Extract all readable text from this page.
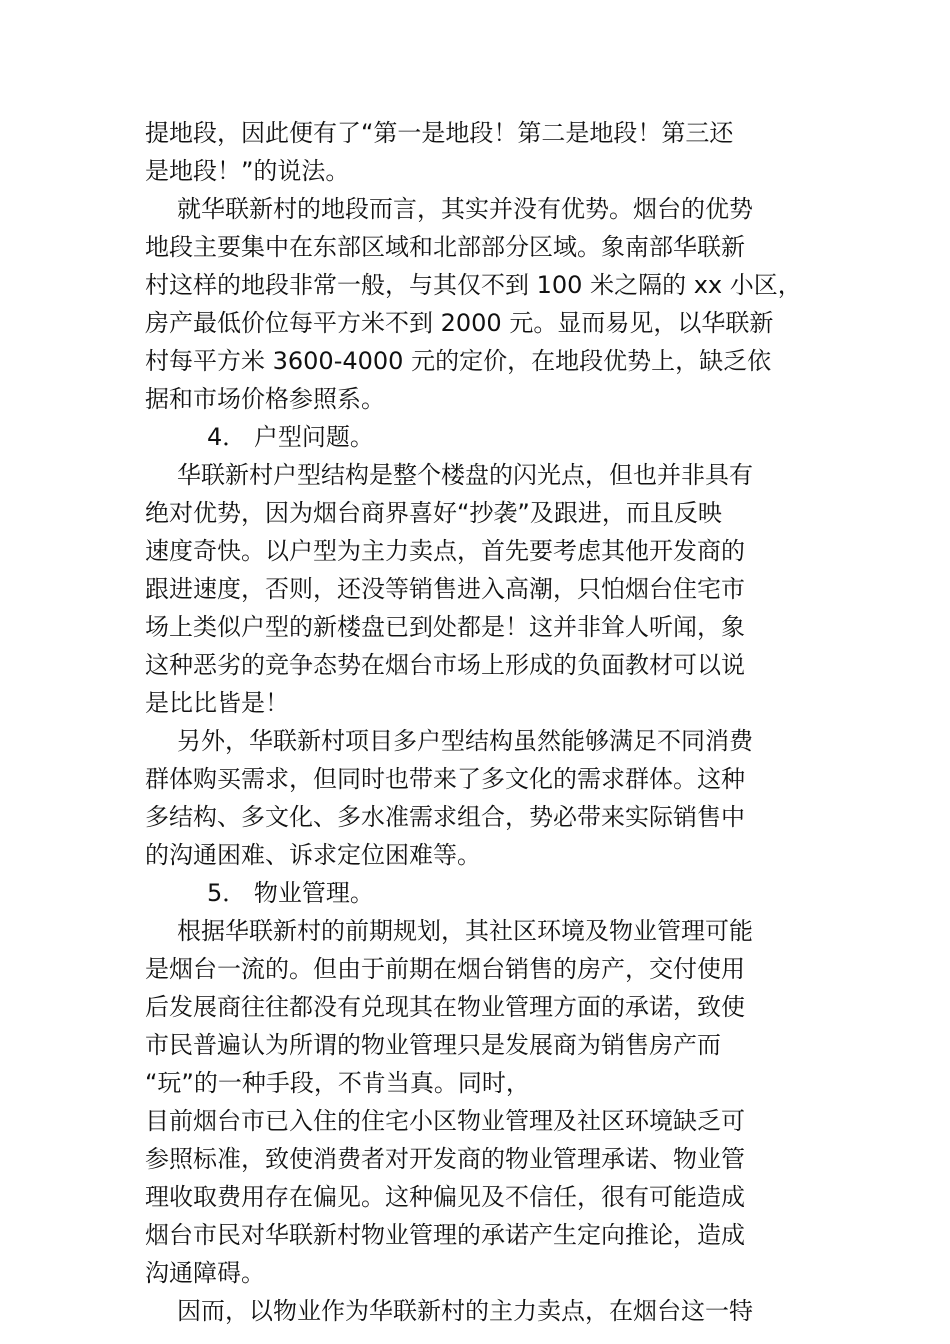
提地段，因此便有了“第一是地段！第二是地段！第三还
是地段！”的说法。
就华联新村的地段而言，其实并没有优势。烟台的优势
地段主要集中在东部区域和北部部分区域。象南部华联新
村这样的地段非常一般，与其仅不到 100 米之隔的 xx 小区，
房产最低价位每平方米不到 2000 元。显而易见，以华联新
村每平方米 3600-4000 元的定价，在地段优势上，缺乏依
据和市场价格参照系。
4． 户型问题。
华联新村户型结构是整个楼盘的闪光点，但也并非具有
绝对优势，因为烟台商界喜好“抄袭”及跟进，而且反映
速度奇快。以户型为主力卖点，首先要考虑其他开发商的
跟进速度，否则，还没等销售进入高潮，只怕烟台住宅市
场上类似户型的新楼盘已到处都是！这并非耸人听闻，象
这种恶劣的竞争态势在烟台市场上形成的负面教材可以说
是比比皆是！
另外，华联新村项目多户型结构虽然能够满足不同消费
群体购买需求，但同时也带来了多文化的需求群体。这种
多结构、多文化、多水准需求组合，势必带来实际销售中
的沟通困难、诉求定位困难等。
5． 物业管理。
根据华联新村的前期规划，其社区环境及物业管理可能
是烟台一流的。但由于前期在烟台销售的房产，交付使用
后发展商往往都没有兑现其在物业管理方面的承诺，致使
市民普遍认为所谓的物业管理只是发展商为销售房产而
“玩”的一种手段，不肯当真。同时，
目前烟台市已入住的住宅小区物业管理及社区环境缺乏可
参照标准，致使消费者对开发商的物业管理承诺、物业管
理收取费用存在偏见。这种偏见及不信任，很有可能造成
烟台市民对华联新村物业管理的承诺产生定向推论，造成
沟通障碍。
因而，以物业作为华联新村的主力卖点，在烟台这一特
